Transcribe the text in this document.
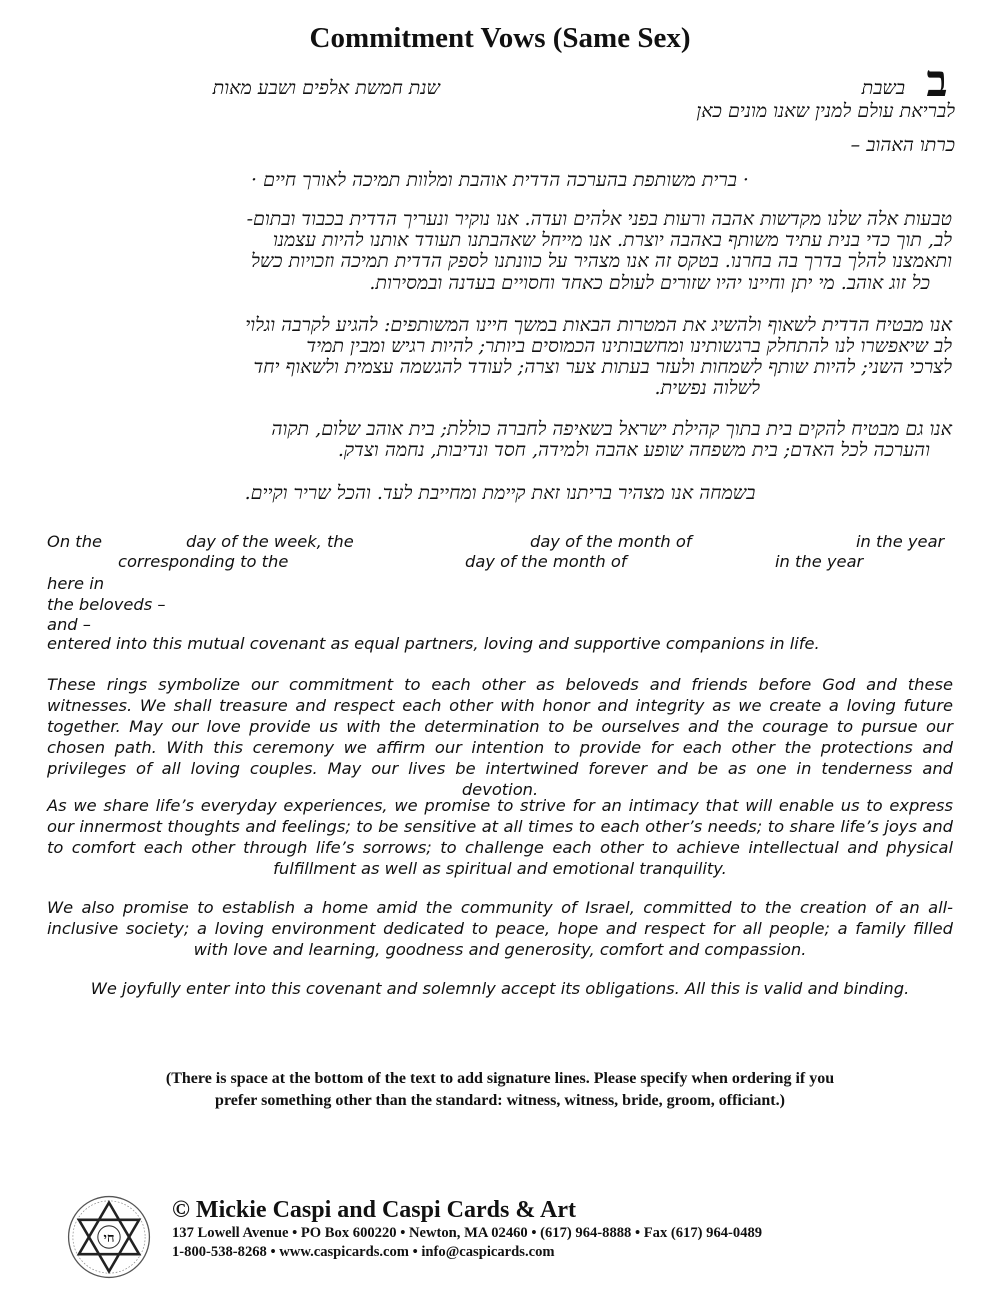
Commitment Vows (Same Sex)
ב

בשבת

שנת חמשת אלפים ושבע מאות

לבריאת עולם למנין שאנו מונים כאן

כרתו האהוב –

· ברית משותפת בהערכה הדדית אוהבת ומלוות תמיכה לאורך חיים ·

טבעות אלה שלנו מקדשות אהבה ורעות בפני אלהים ועדה. אנו נוקיר ונעריך הדדית בכבוד ובתום-

לב, תוך כדי בנית עתיד משותף באהבה יוצרת. אנו מייחל שאהבתנו תעודד אותנו להיות עצמנו

ותאמצנו להלך בדרך בה בחרנו. בטקס זה אנו מצהיר על כוונתנו לספק הדדית תמיכה וזכויות כשל

כל זוג אוהב. מי יתן וחיינו יהיו שזורים לעולם כאחד וחסויים בעדנה ובמסירות.

אנו מבטיח הדדית לשאוף ולהשיג את המטרות הבאות במשך חיינו המשותפים: להגיע לקרבה וגלוי

לב שיאפשרו לנו להתחלק ברגשותינו ומחשבותינו הכמוסים ביותר; להיות רגיש ומבין תמיד

לצרכי השני; להיות שותף לשמחות ולעזר בעתות צער וצרה; לעודד להגשמה עצמית ולשאוף יחד

לשלוה נפשית.

אנו גם מבטיח להקים בית בתוך קהילת ישראל בשאיפה לחברה כוללת; בית אוהב שלום, תקוה

והערכה לכל האדם; בית משפחה שופע אהבה ולמידה, חסד ונדיבות, נחמה וצדק.

בשמחה אנו מצהיר בריתנו זאת קיימת ומחייבת לעד. והכל שריר וקיים.

On the	day of the week, the	day of the month of	in the year
corresponding to the	day of the month of	in the year
here in
the beloveds –
and –
entered into this mutual covenant as equal partners, loving and supportive companions in life.

These rings symbolize our commitment to each other as beloveds and friends before God and these witnesses. We shall treasure and respect each other with honor and integrity as we create a loving future together. May our love provide us with the determination to be ourselves and the courage to pursue our chosen path. With this ceremony we affirm our intention to provide for each other the protections and privileges of all loving couples. May our lives be intertwined forever and be as one in tenderness and devotion.

As we share life’s everyday experiences, we promise to strive for an intimacy that will enable us to express our innermost thoughts and feelings; to be sensitive at all times to each other’s needs; to share life’s joys and to comfort each other through life’s sorrows; to challenge each other to achieve intellectual and physical fulfillment as well as spiritual and emotional tranquility.

We also promise to establish a home amid the community of Israel, committed to the creation of an all-inclusive society; a loving environment dedicated to peace, hope and respect for all people; a family filled with love and learning, goodness and generosity, comfort and compassion.

We joyfully enter into this covenant and solemnly accept its obligations. All this is valid and binding.

(There is space at the bottom of the text to add signature lines. Please specify when ordering if you
prefer something other than the standard: witness, witness, bride, groom, officiant.)

חי
© Mickie Caspi and Caspi Cards & Art
137 Lowell Avenue • PO Box 600220 • Newton, MA 02460 • (617) 964-8888 • Fax (617) 964-0489
1-800-538-8268 • www.caspicards.com • info@caspicards.com
